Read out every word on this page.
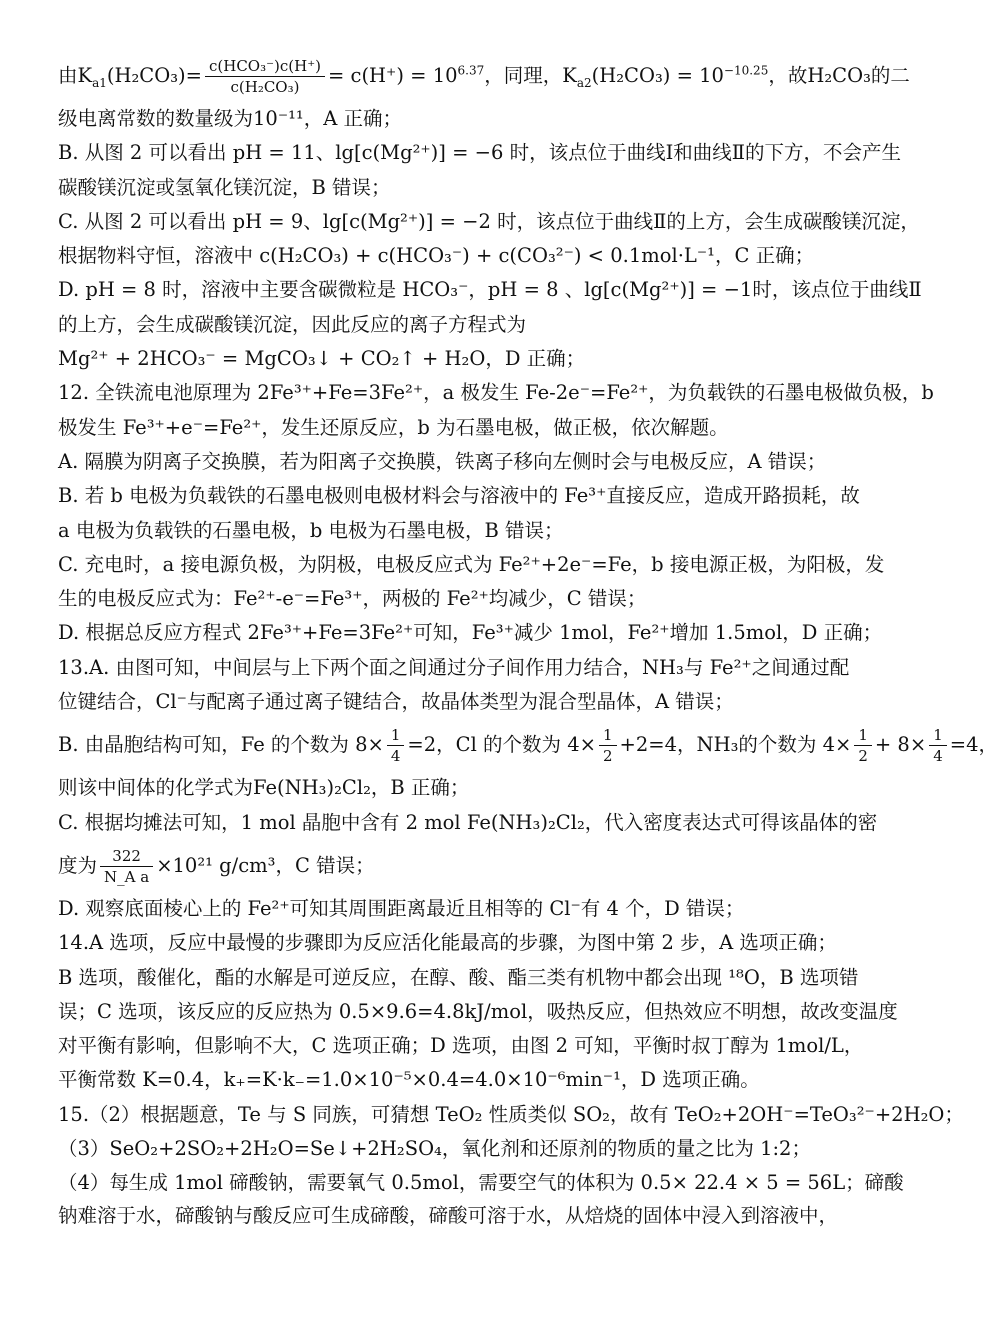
由$K_{a1}(H_2CO_3)= c(HCO_3^-)c(H^+)$
c(H₂CO₃)	= $c(H^+) = 10^{6.37}$，同理，$K_{a2}(H_2CO_3) = 10^{-10.25}$，故H₂CO₃的二
级电离常数的数量级为10⁻¹¹，A 正确；
B. 从图 2 可以看出 pH = 11、lg[c(Mg²⁺)] = −6 时，该点位于曲线Ⅰ和曲线Ⅱ的下方，不会产生
碳酸镁沉淀或氢氧化镁沉淀，B 错误；
C. 从图 2 可以看出 pH = 9、lg[c(Mg²⁺)] = −2 时，该点位于曲线Ⅱ的上方，会生成碳酸镁沉淀，
根据物料守恒，溶液中 c(H₂CO₃) + c(HCO₃⁻) + c(CO₃²⁻) < 0.1mol·L⁻¹，C 正确；
D. pH = 8 时，溶液中主要含碳微粒是 HCO₃⁻，pH = 8 、lg[c(Mg²⁺)] = −1时，该点位于曲线Ⅱ
的上方，会生成碳酸镁沉淀，因此反应的离子方程式为
Mg²⁺ + 2HCO₃⁻ = MgCO₃↓ + CO₂↑ + H₂O，D 正确；
12. 全铁流电池原理为 2Fe³⁺+Fe=3Fe²⁺，a 极发生 Fe-2e⁻=Fe²⁺，为负载铁的石墨电极做负极，b
极发生 Fe³⁺+e⁻=Fe²⁺，发生还原反应，b 为石墨电极，做正极，依次解题。
A. 隔膜为阴离子交换膜，若为阳离子交换膜，铁离子移向左侧时会与电极反应，A 错误；
B. 若 b 电极为负载铁的石墨电极则电极材料会与溶液中的 Fe³⁺直接反应，造成开路损耗，故
a 电极为负载铁的石墨电极，b 电极为石墨电极，B 错误；
C. 充电时，a 接电源负极，为阴极，电极反应式为 Fe²⁺+2e⁻=Fe，b 接电源正极，为阳极，发
生的电极反应式为：Fe²⁺-e⁻=Fe³⁺，两极的 Fe²⁺均减少，C 错误；
D. 根据总反应方程式 2Fe³⁺+Fe=3Fe²⁺可知，Fe³⁺减少 1mol，Fe²⁺增加 1.5mol，D 正确；
13.A. 由图可知，中间层与上下两个面之间通过分子间作用力结合，NH₃与 Fe²⁺之间通过配
位键结合，Cl⁻与配离子通过离子键结合，故晶体类型为混合型晶体，A 错误；
B. 由晶胞结构可知，Fe 的个数为 $8\times \frac{1}{4} =2$，Cl 的个数为 $4\times \frac{1}{2} +2=4$，NH₃的个数为 $4\times \frac{1}{2} + 8\times \frac{1}{4} =4$，
则该中间体的化学式为Fe(NH₃)₂Cl₂，B 正确；
C. 根据均摊法可知，1 mol 晶胞中含有 2 mol Fe(NH₃)₂Cl₂，代入密度表达式可得该晶体的密
度为 $\frac{322}{\text{N\_A a}} \times 10^{21}$ g/cm³，C 错误；
D. 观察底面棱心上的 Fe²⁺可知其周围距离最近且相等的 Cl⁻有 4 个，D 错误；
14.A 选项，反应中最慢的步骤即为反应活化能最高的步骤，为图中第 2 步，A 选项正确；
B 选项，酸催化，酯的水解是可逆反应，在醇、酸、酯三类有机物中都会出现 ¹⁸O，B 选项错
误；C 选项，该反应的反应热为 0.5×9.6=4.8kJ/mol，吸热反应，但热效应不明想，故改变温度
对平衡有影响，但影响不大，C 选项正确；D 选项，由图 2 可知，平衡时叔丁醇为 1mol/L，
平衡常数 K=0.4，k₊=K·k₋=1.0×10⁻⁵×0.4=4.0×10⁻⁶min⁻¹，D 选项正确。
15.（2）根据题意，Te 与 S 同族，可猜想 TeO₂ 性质类似 SO₂，故有 TeO₂+2OH⁻=TeO₃²⁻+2H₂O；
（3）SeO₂+2SO₂+2H₂O=Se↓+2H₂SO₄，氧化剂和还原剂的物质的量之比为 1:2；
（4）每生成 1mol 碲酸钠，需要氧气 0.5mol，需要空气的体积为 0.5× 22.4 × 5 = 56L；碲酸
钠难溶于水，碲酸钠与酸反应可生成碲酸，碲酸可溶于水，从焙烧的固体中浸入到溶液中，
